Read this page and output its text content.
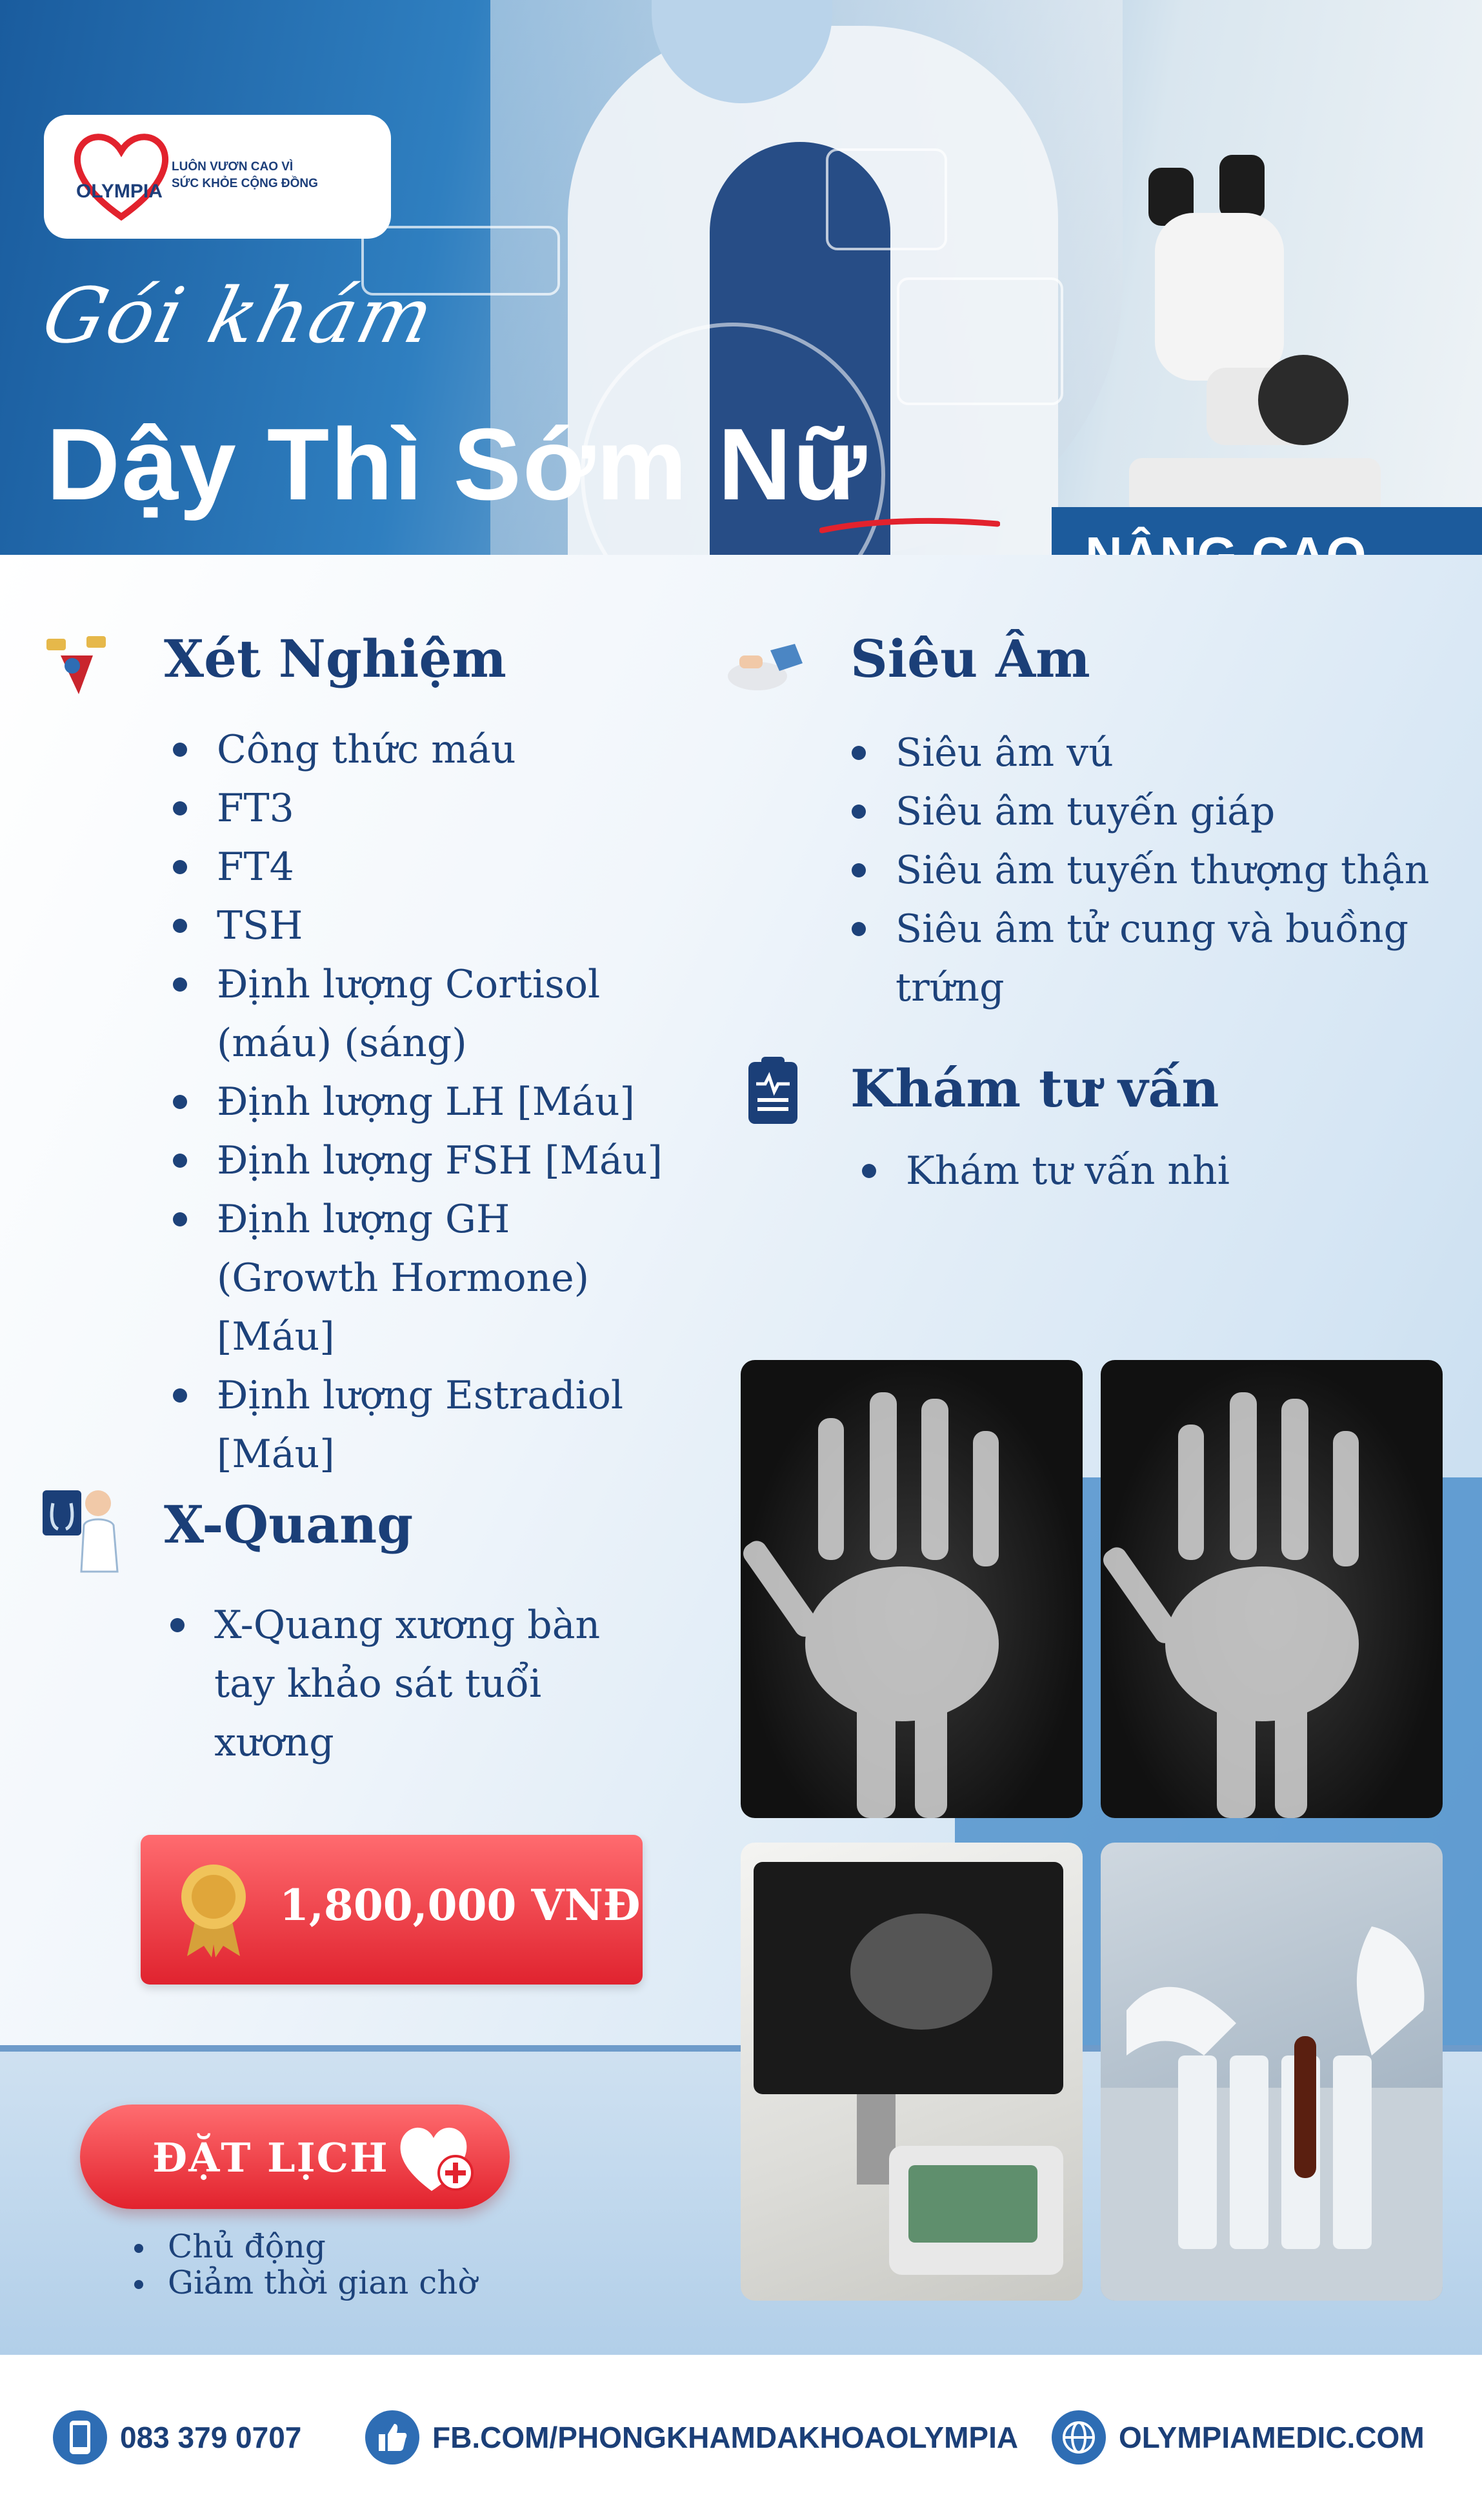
OLYMPIA
LUÔN VƯƠN CAO VÌ
SỨC KHỎE CỘNG ĐỒNG
Gói khám
Dậy Thì Sớm Nữ
Xét Nghiệm
Công thức máu
FT3
FT4
TSH
Định lượng Cortisol
(máu) (sáng)
Định lượng LH [Máu]
Định lượng FSH [Máu]
Định lượng GH
(Growth Hormone)
[Máu]
Định lượng Estradiol
[Máu]
Siêu Âm
Siêu âm vú
Siêu âm tuyến giáp
Siêu âm tuyến thượng thận
Siêu âm tử cung và buồng
trứng
Khám tư vấn
Khám tư vấn nhi
X-Quang
X-Quang xương bàn
tay khảo sát tuổi
xương
1,800,000 VNĐ
ĐẶT LỊCH
Chủ động
Giảm thời gian chờ
083 379 0707	FB.COM/PHONGKHAMDAKHOAOLYMPIA	OLYMPIAMEDIC.COM
